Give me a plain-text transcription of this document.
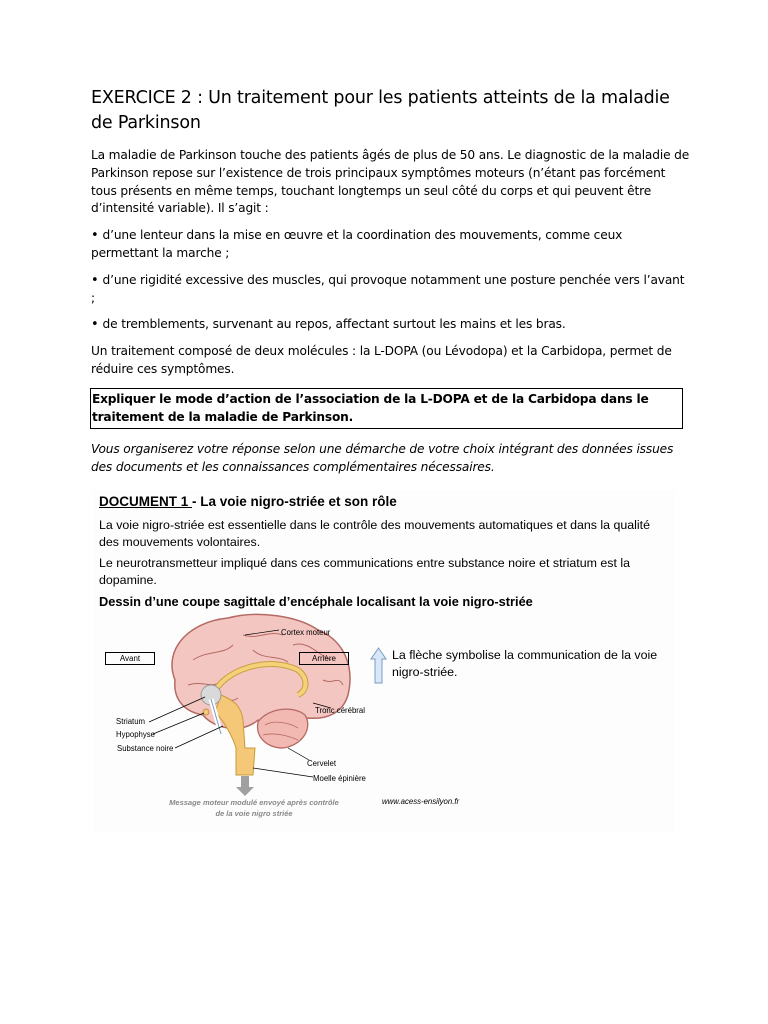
EXERCICE 2 : Un traitement pour les patients atteints de la maladie de Parkinson

La maladie de Parkinson touche des patients âgés de plus de 50 ans. Le diagnostic de la maladie de Parkinson repose sur l’existence de trois principaux symptômes moteurs (n’étant pas forcément tous présents en même temps, touchant longtemps un seul côté du corps et qui peuvent être d’intensité variable). Il s’agit :

• d’une lenteur dans la mise en œuvre et la coordination des mouvements, comme ceux permettant la marche ;

• d’une rigidité excessive des muscles, qui provoque notamment une posture penchée vers l’avant ;

• de tremblements, survenant au repos, affectant surtout les mains et les bras.

Un traitement composé de deux molécules : la L-DOPA (ou Lévodopa) et la Carbidopa, permet de réduire ces symptômes.

Expliquer le mode d’action de l’association de la L-DOPA et de la Carbidopa dans le traitement de la maladie de Parkinson.

Vous organiserez votre réponse selon une démarche de votre choix intégrant des données issues des documents et les connaissances complémentaires nécessaires.

DOCUMENT 1 - La voie nigro-striée et son rôle
La voie nigro-striée est essentielle dans le contrôle des mouvements automatiques et dans la qualité des mouvements volontaires.
Le neurotransmetteur impliqué dans ces communications entre substance noire et striatum est la dopamine.
Dessin d’une coupe sagittale d’encéphale localisant la voie nigro-striée
Avant	Arrière
Cortex moteur
Tronc cérébral
Striatum
Hypophyse
Substance noire
Cervelet
Moelle épinière
La flèche symbolise la communication de la voie nigro-striée.
Message moteur modulé envoyé après contrôle de la voie nigro striée
www.acess-ensilyon.fr
